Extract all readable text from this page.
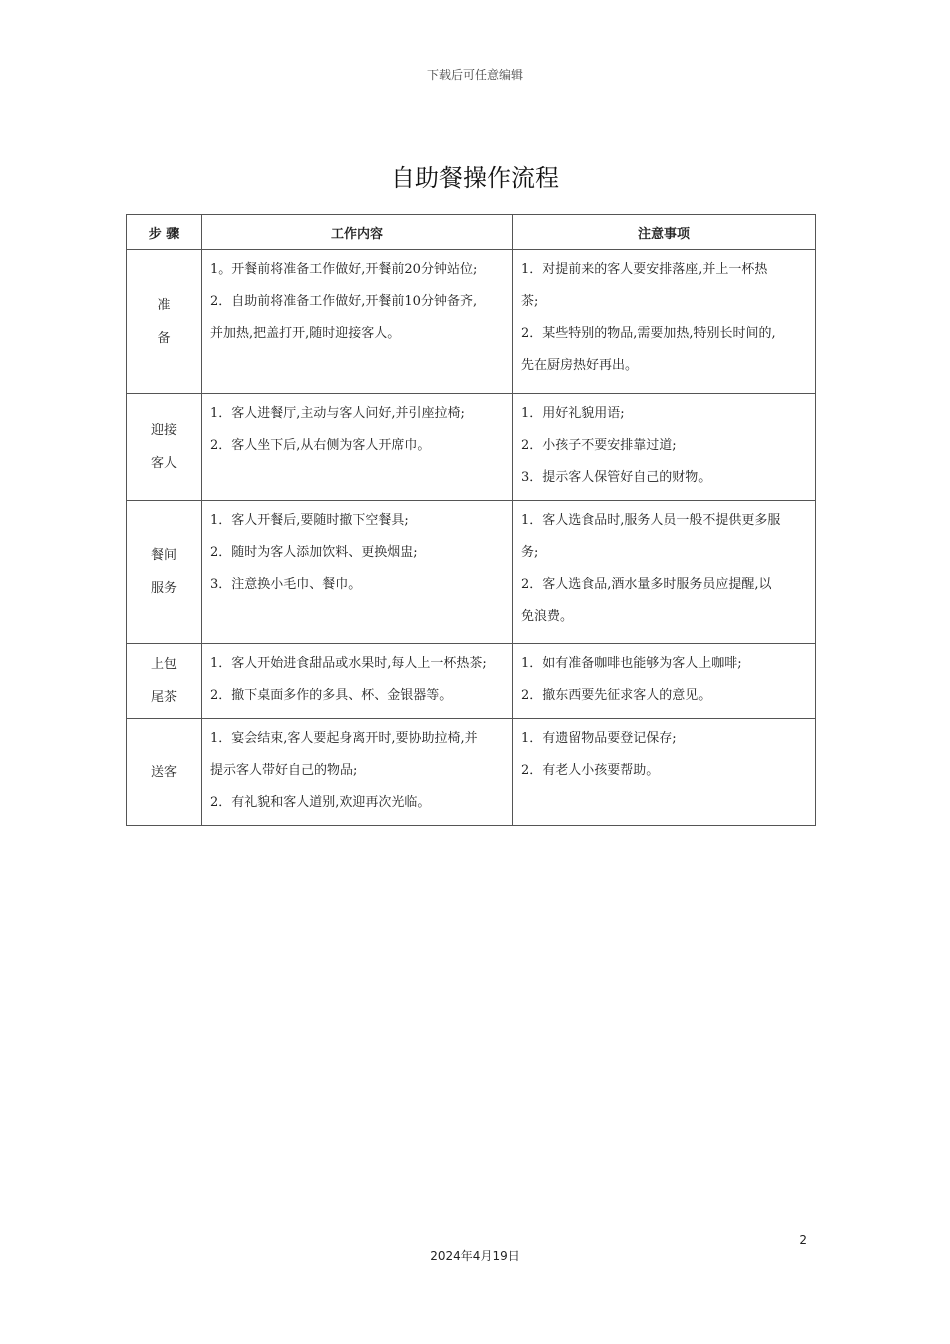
下载后可任意编辑
自助餐操作流程
步 骤	工作内容	注意事项

准
备	1。开餐前将准备工作做好,开餐前20分钟站位;
2．自助前将准备工作做好,开餐前10分钟备齐,
并加热,把盖打开,随时迎接客人。	1．对提前来的客人要安排落座,并上一杯热
茶;
2．某些特别的物品,需要加热,特别长时间的,
先在厨房热好再出。

迎接
客人	1．客人进餐厅,主动与客人问好,并引座拉椅;
2．客人坐下后,从右侧为客人开席巾。	1．用好礼貌用语;
2．小孩子不要安排靠过道;
3．提示客人保管好自己的财物。

餐间
服务	1．客人开餐后,要随时撤下空餐具;
2．随时为客人添加饮料、更换烟盅;
3．注意换小毛巾、餐巾。	1．客人选食品时,服务人员一般不提供更多服
务;
2．客人选食品,酒水量多时服务员应提醒,以
免浪费。

上包
尾茶	1．客人开始进食甜品或水果时,每人上一杯热茶;
2．撤下桌面多作的多具、杯、金银器等。	1．如有准备咖啡也能够为客人上咖啡;
2．撤东西要先征求客人的意见。

送客	1．宴会结束,客人要起身离开时,要协助拉椅,并
提示客人带好自己的物品;
2．有礼貌和客人道别,欢迎再次光临。	1．有遗留物品要登记保存;
2．有老人小孩要帮助。
2
2024年4月19日
